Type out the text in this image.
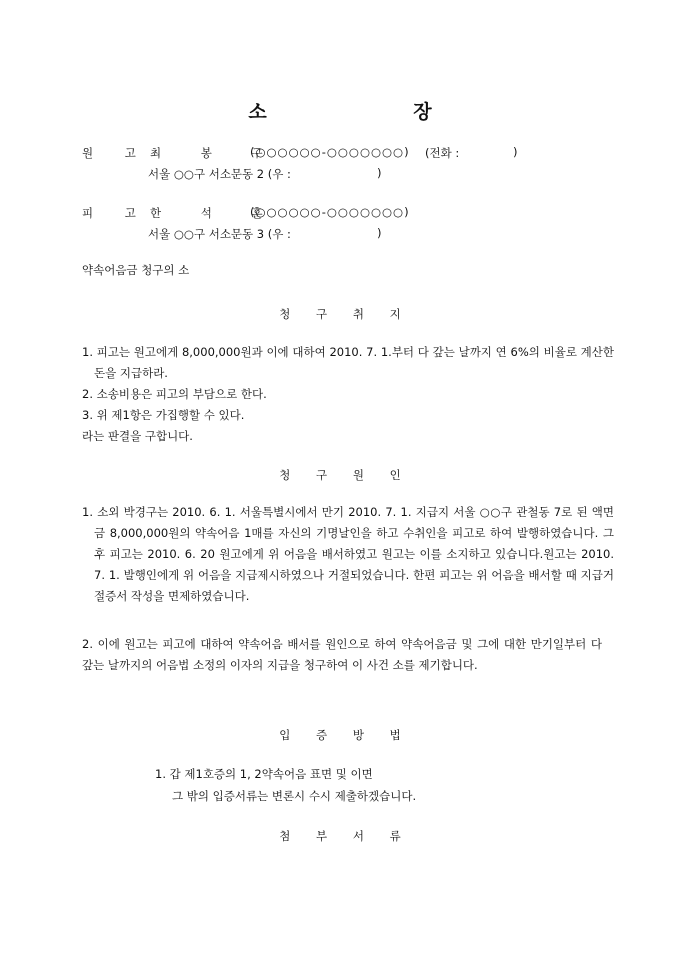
소 장
원 고 최 봉 구
(○○○○○○-○○○○○○○) (전화 :	)
서울 ○○구 서소문동 2 (우 :	)
피 고 한 석 훈
(○○○○○○-○○○○○○○)
서울 ○○구 서소문동 3 (우 :	)
약속어음금 청구의 소
청 구 취 지
1. 피고는 원고에게 8,000,000원과 이에 대하여 2010. 7. 1.부터 다 갚는 날까지 연 6%의 비율로 계산한 돈을 지급하라.
2. 소송비용은 피고의 부담으로 한다.
3. 위 제1항은 가집행할 수 있다.
라는 판결을 구합니다.
청 구 원 인
1. 소외 박경구는 2010. 6. 1. 서울특별시에서 만기 2010. 7. 1. 지급지 서울 ○○구 관철동 7로 된 액면 금 8,000,000원의 약속어음 1매를 자신의 기명날인을 하고 수취인을 피고로 하여 발행하였습니다. 그 후 피고는 2010. 6. 20 원고에게 위 어음을 배서하였고 원고는 이를 소지하고 있습니다.원고는 2010. 7. 1. 발행인에게 위 어음을 지급제시하였으나 거절되었습니다. 한편 피고는 위 어음을 배서할 때 지급거절증서 작성을 면제하였습니다.
2. 이에 원고는 피고에 대하여 약속어음 배서를 원인으로 하여 약속어음금 및 그에 대한 만기일부터 다 갚는 날까지의 어음법 소정의 이자의 지급을 청구하여 이 사건 소를 제기합니다.
입 증 방 법
1. 갑 제1호증의 1, 2약속어음 표면 및 이면
그 밖의 입증서류는 변론시 수시 제출하겠습니다.
첨 부 서 류
